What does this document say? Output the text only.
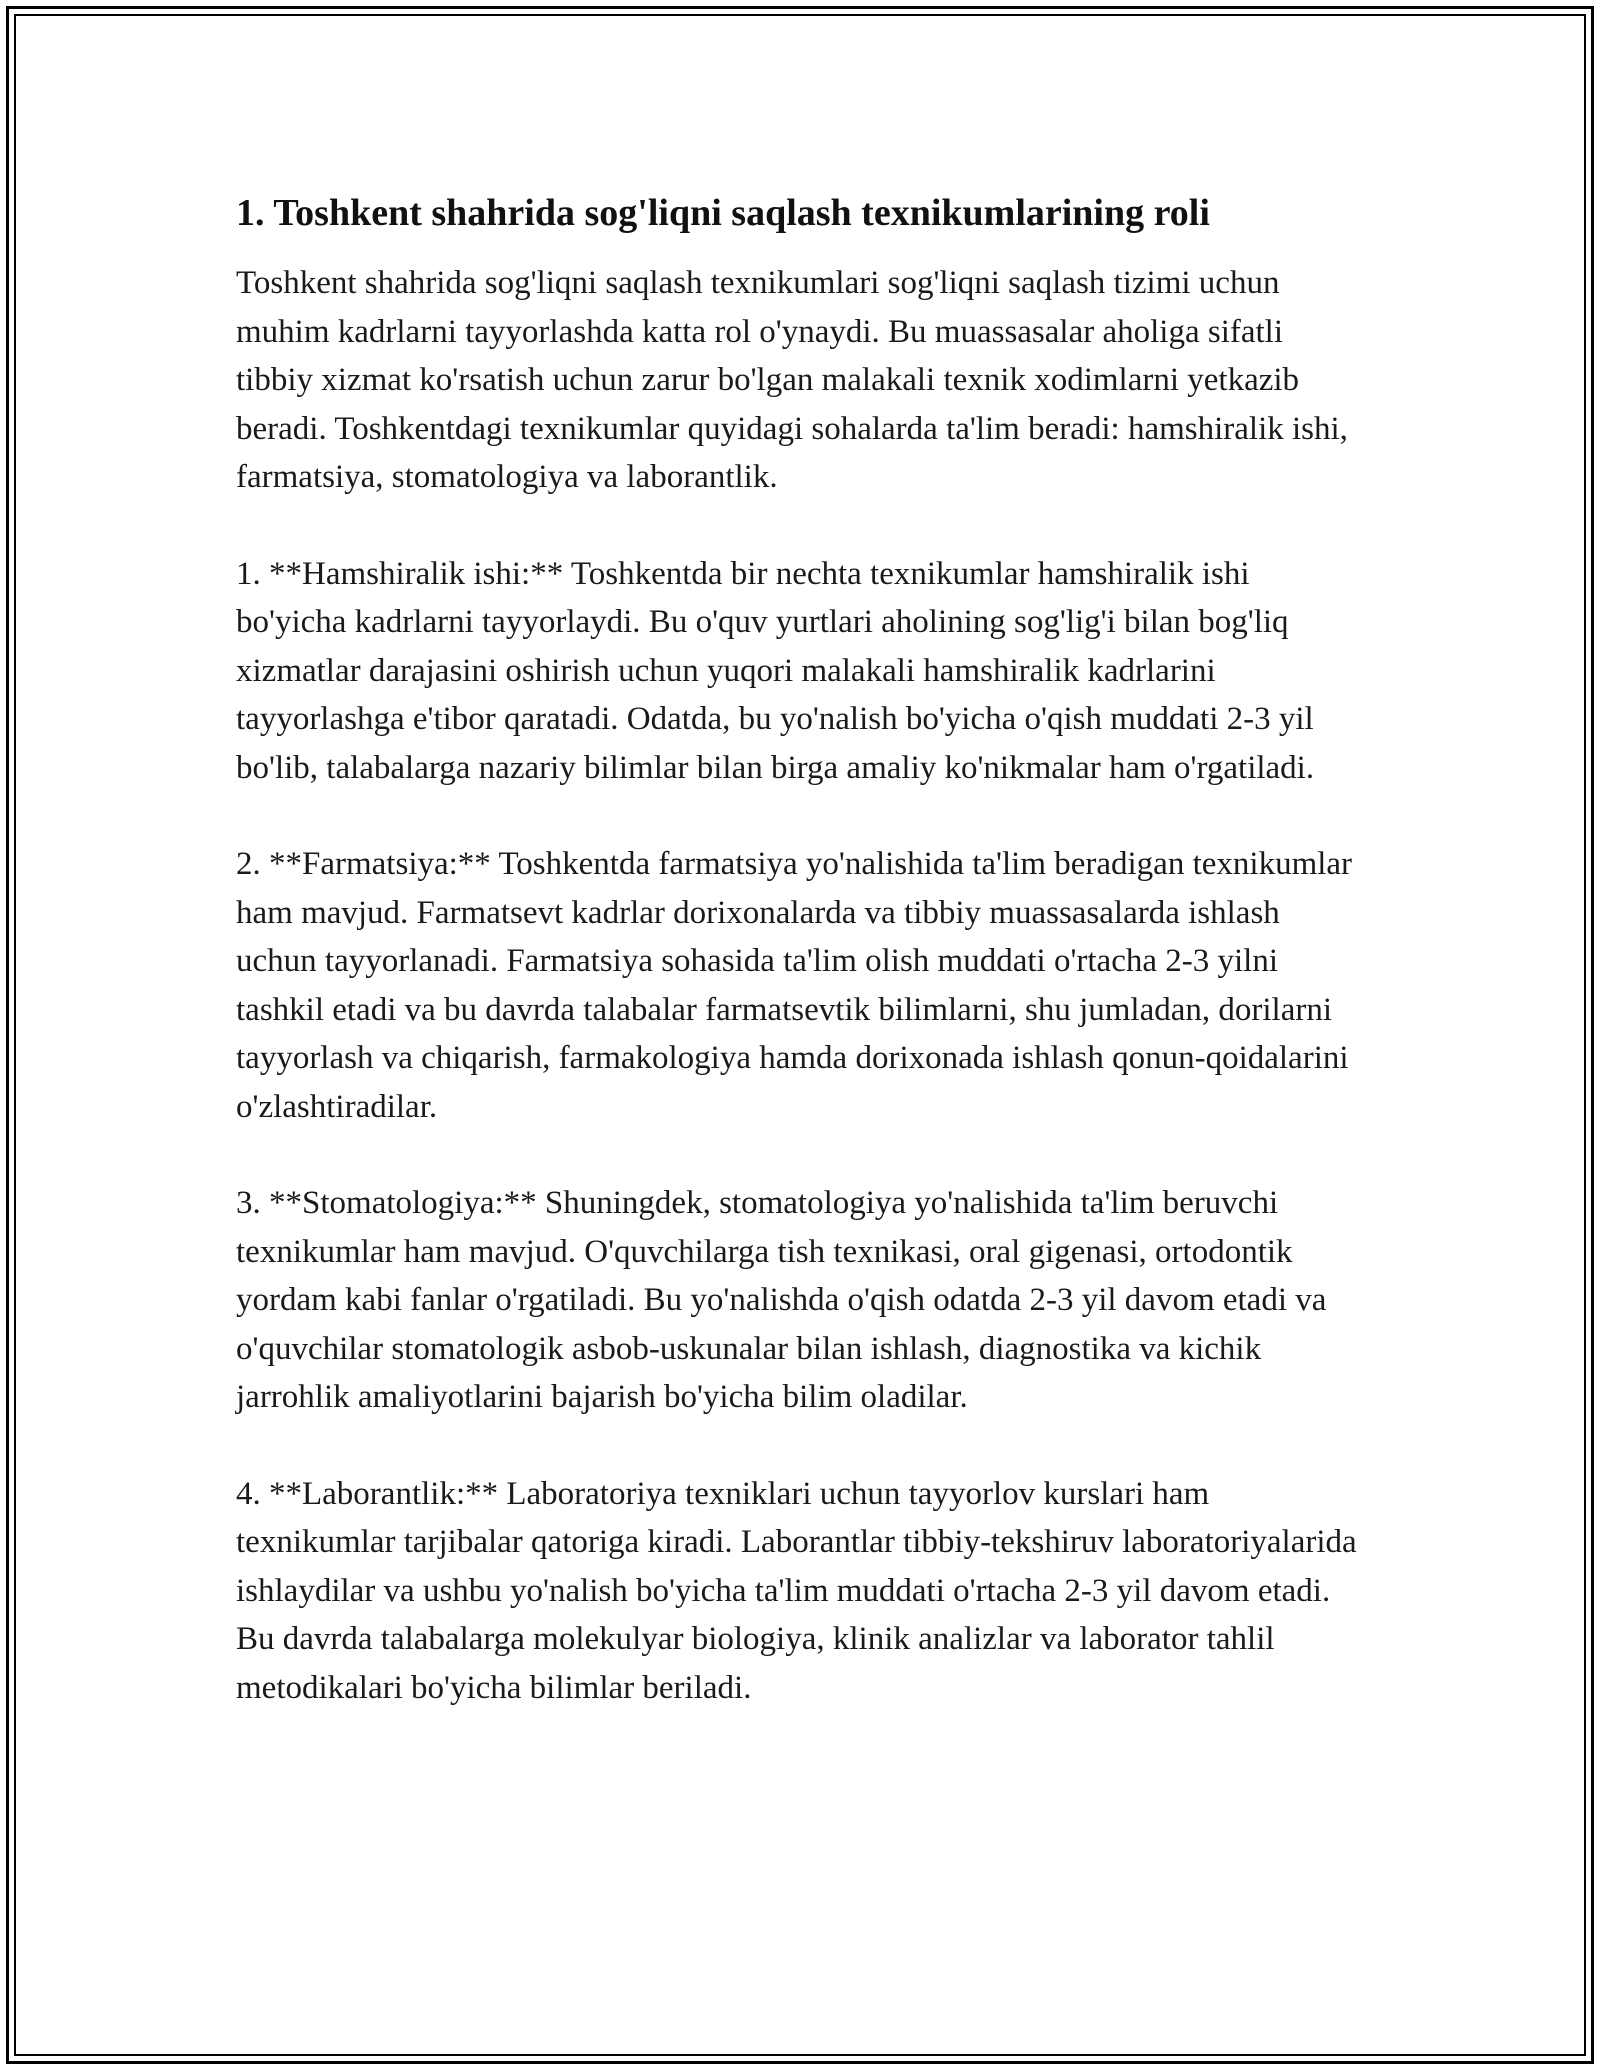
1. Toshkent shahrida sog'liqni saqlash texnikumlarining roli

Toshkent shahrida sog'liqni saqlash texnikumlari sog'liqni saqlash tizimi uchun muhim kadrlarni tayyorlashda katta rol o'ynaydi. Bu muassasalar aholiga sifatli tibbiy xizmat ko'rsatish uchun zarur bo'lgan malakali texnik xodimlarni yetkazib beradi. Toshkentdagi texnikumlar quyidagi sohalarda ta'lim beradi: hamshiralik ishi, farmatsiya, stomatologiya va laborantlik.

1. **Hamshiralik ishi:** Toshkentda bir nechta texnikumlar hamshiralik ishi bo'yicha kadrlarni tayyorlaydi. Bu o'quv yurtlari aholining sog'lig'i bilan bog'liq xizmatlar darajasini oshirish uchun yuqori malakali hamshiralik kadrlarini tayyorlashga e'tibor qaratadi. Odatda, bu yo'nalish bo'yicha o'qish muddati 2-3 yil bo'lib, talabalarga nazariy bilimlar bilan birga amaliy ko'nikmalar ham o'rgatiladi.

2. **Farmatsiya:** Toshkentda farmatsiya yo'nalishida ta'lim beradigan texnikumlar ham mavjud. Farmatsevt kadrlar dorixonalarda va tibbiy muassasalarda ishlash uchun tayyorlanadi. Farmatsiya sohasida ta'lim olish muddati o'rtacha 2-3 yilni tashkil etadi va bu davrda talabalar farmatsevtik bilimlarni, shu jumladan, dorilarni tayyorlash va chiqarish, farmakologiya hamda dorixonada ishlash qonun-qoidalarini o'zlashtiradilar.

3. **Stomatologiya:** Shuningdek, stomatologiya yo'nalishida ta'lim beruvchi texnikumlar ham mavjud. O'quvchilarga tish texnikasi, oral gigenasi, ortodontik yordam kabi fanlar o'rgatiladi. Bu yo'nalishda o'qish odatda 2-3 yil davom etadi va o'quvchilar stomatologik asbob-uskunalar bilan ishlash, diagnostika va kichik jarrohlik amaliyotlarini bajarish bo'yicha bilim oladilar.

4. **Laborantlik:** Laboratoriya texniklari uchun tayyorlov kurslari ham texnikumlar tarjibalar qatoriga kiradi. Laborantlar tibbiy-tekshiruv laboratoriyalarida ishlaydilar va ushbu yo'nalish bo'yicha ta'lim muddati o'rtacha 2-3 yil davom etadi. Bu davrda talabalarga molekulyar biologiya, klinik analizlar va laborator tahlil metodikalari bo'yicha bilimlar beriladi.
